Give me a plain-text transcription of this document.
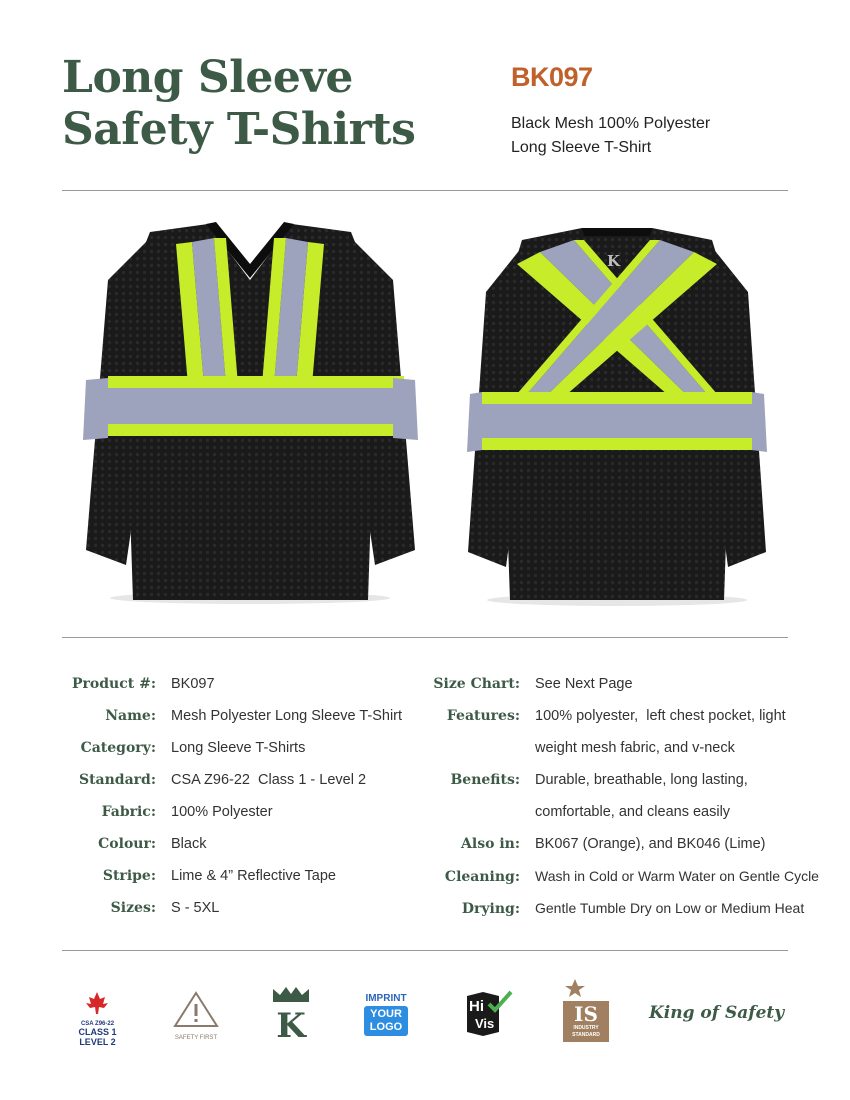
Long Sleeve
Safety T-Shirts
BK097
Black Mesh 100% Polyester
Long Sleeve T-Shirt
K
Product #: BK097
Name: Mesh Polyester Long Sleeve T-Shirt
Category: Long Sleeve T-Shirts
Standard: CSA Z96-22  Class 1 - Level 2
Fabric: 100% Polyester
Colour: Black
Stripe: Lime & 4” Reflective Tape
Sizes: S - 5XL
Size Chart: See Next Page
Features: 100% polyester,  left chest pocket, light
weight mesh fabric, and v-neck
Benefits: Durable, breathable, long lasting,
comfortable, and cleans easily
Also in: BK067 (Orange), and BK046 (Lime)
Cleaning: Wash in Cold or Warm Water on Gentle Cycle
Drying: Gentle Tumble Dry on Low or Medium Heat
CSA Z96-22
CLASS 1
LEVEL 2	SAFETY FIRST K
IMPRINT
YOUR
LOGO
Hi
Vis	IS
INDUSTRY
STANDARD
King of Safety
